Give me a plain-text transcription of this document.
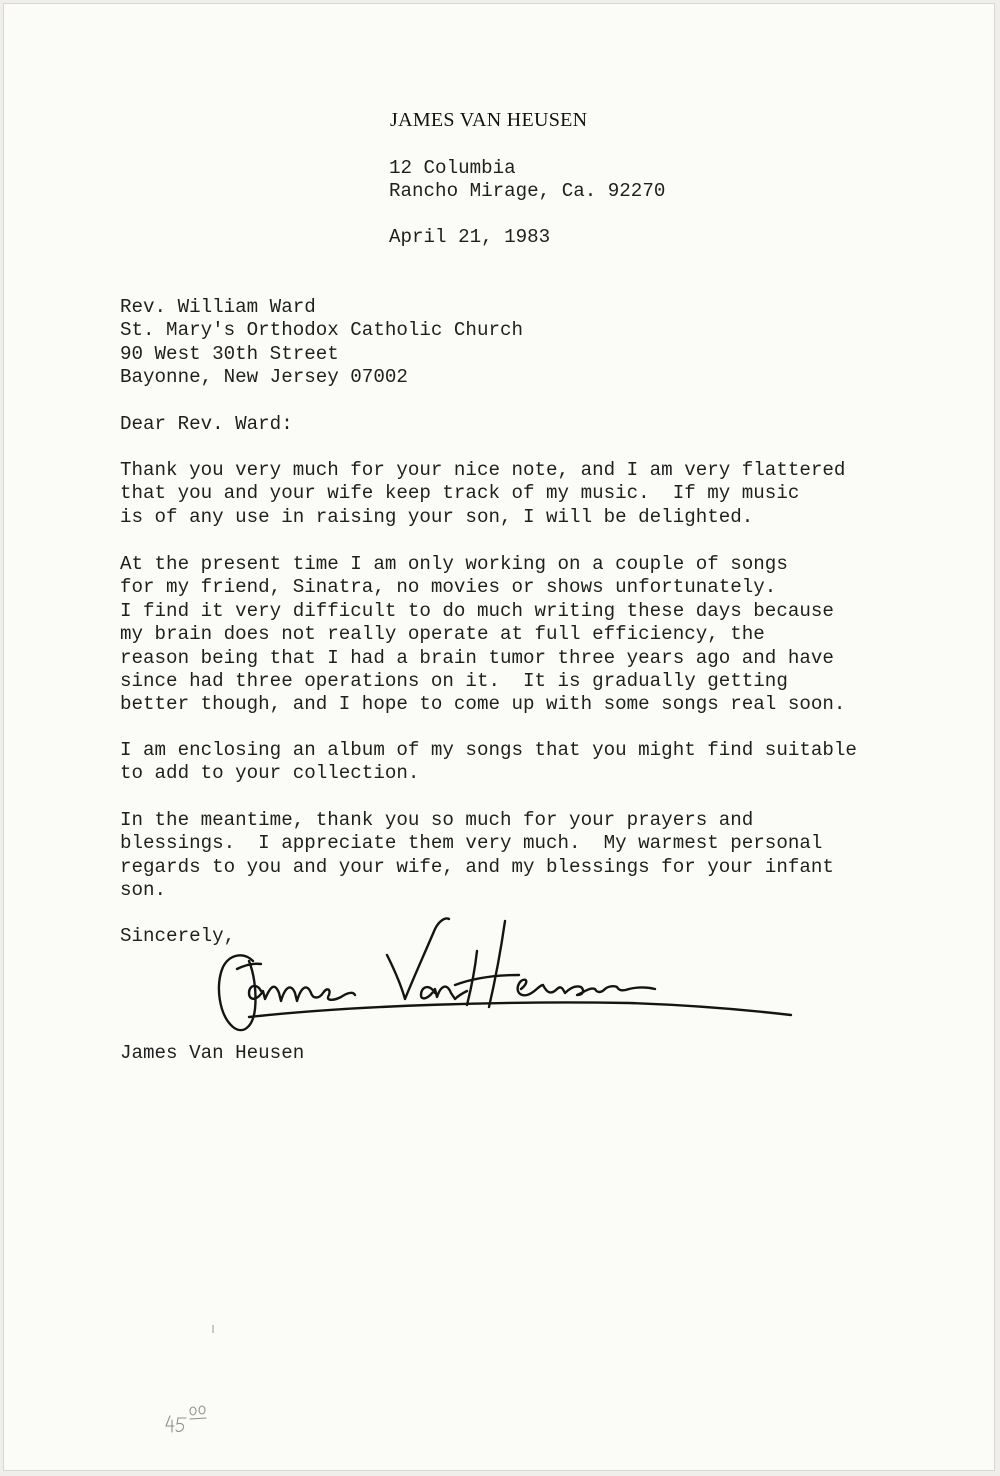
JAMES VAN HEUSEN
12 Columbia
Rancho Mirage, Ca. 92270
April 21, 1983
Rev. William Ward
St. Mary's Orthodox Catholic Church
90 West 30th Street
Bayonne, New Jersey 07002
Dear Rev. Ward:
Thank you very much for your nice note, and I am very flattered
that you and your wife keep track of my music.  If my music
is of any use in raising your son, I will be delighted.
At the present time I am only working on a couple of songs
for my friend, Sinatra, no movies or shows unfortunately.
I find it very difficult to do much writing these days because
my brain does not really operate at full efficiency, the
reason being that I had a brain tumor three years ago and have
since had three operations on it.  It is gradually getting
better though, and I hope to come up with some songs real soon.
I am enclosing an album of my songs that you might find suitable
to add to your collection.
In the meantime, thank you so much for your prayers and
blessings.  I appreciate them very much.  My warmest personal
regards to you and your wife, and my blessings for your infant
son.
Sincerely,
James Van Heusen
